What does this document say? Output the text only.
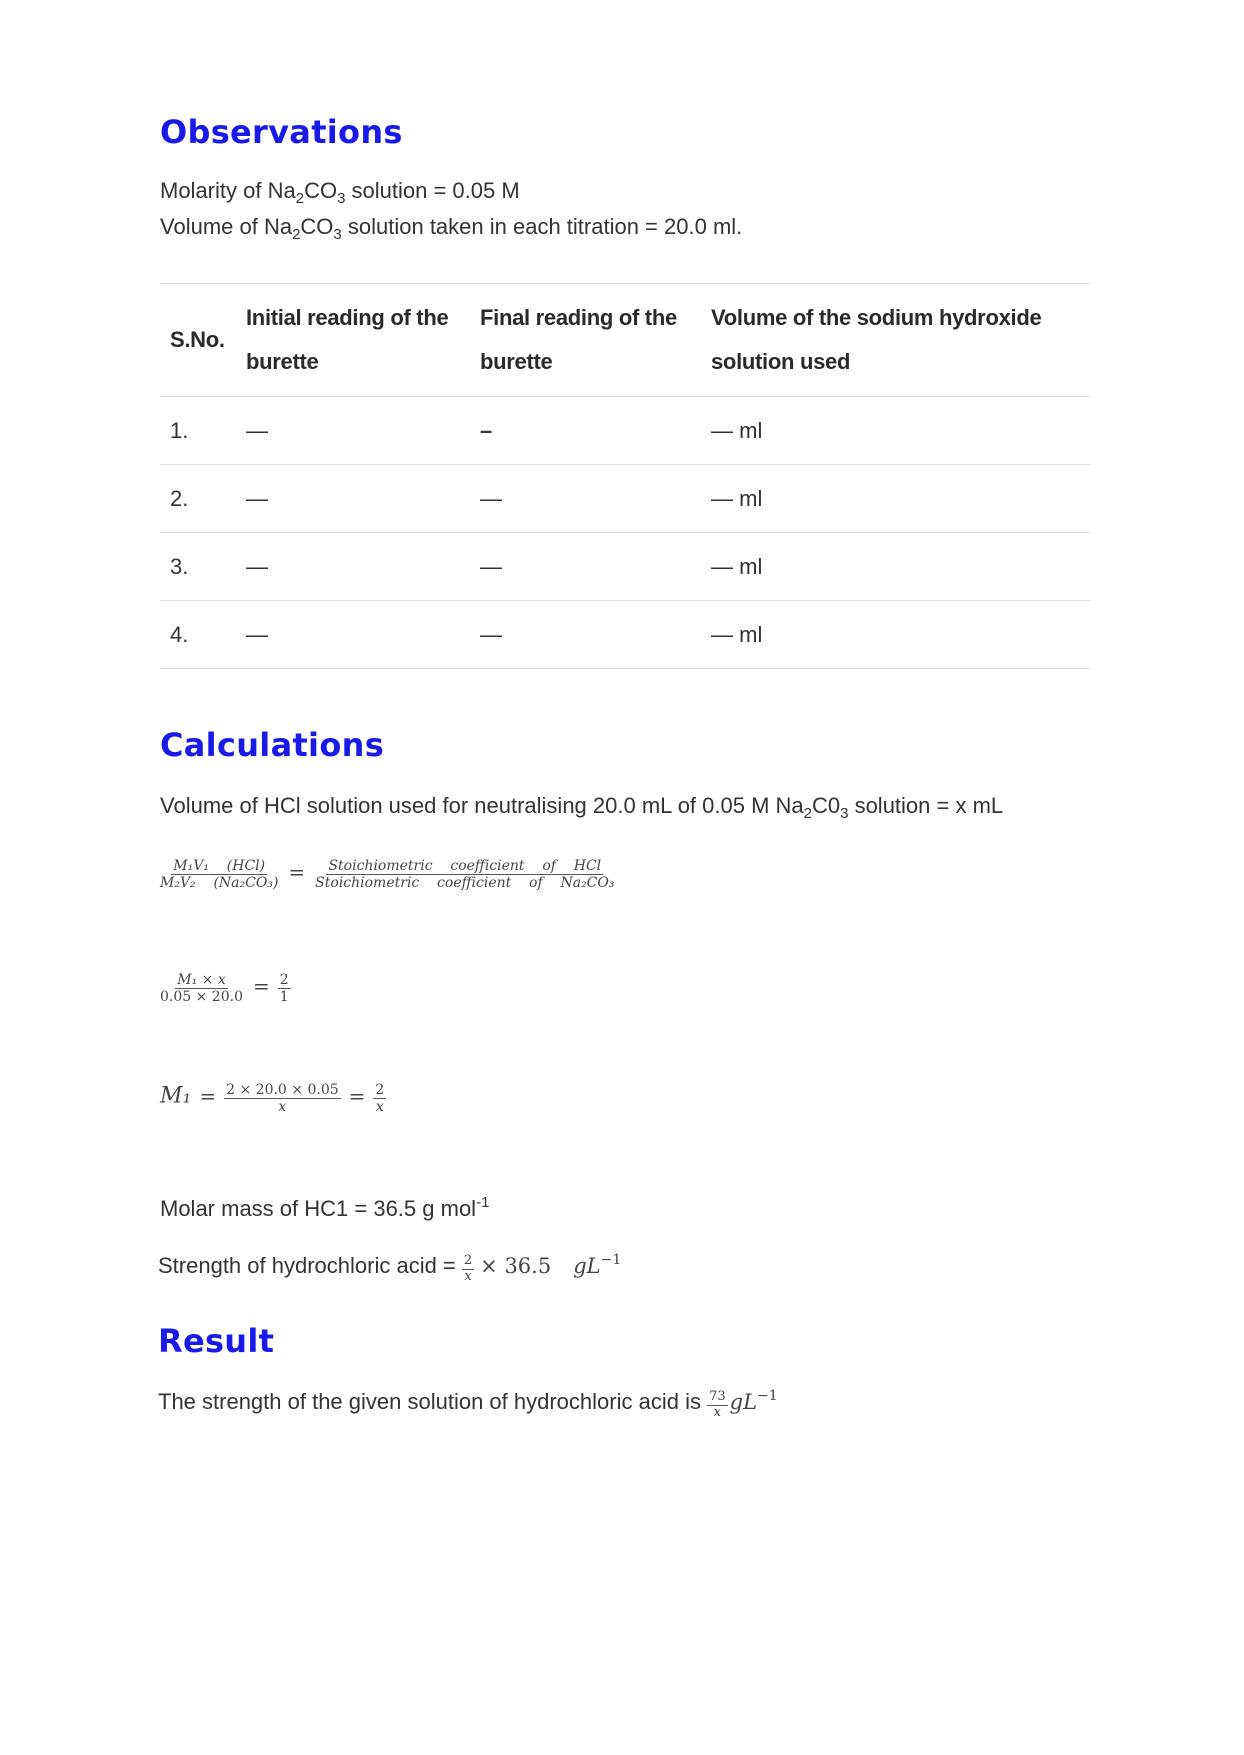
Observations
Molarity of $Na_2CO_3$ solution = 0.05 M
Volume of $Na_2CO_3$ solution taken in each titration = 20.0 ml.
S.No.	Initial reading of the burette	Final reading of the burette	Volume of the sodium hydroxide solution used
1.	—	–	— ml
2.	—	—	— ml
3.	—	—	— ml
4.	—	—	— ml
Calculations
Volume of HCl solution used for neutralising 20.0 mL of 0.05 M $Na_2C0_3$ solution = x mL
$\frac{\text{M₁V₁    (HCl)}}{\text{M₂V₂    (Na₂CO₃)}} = \frac{\text{Stoichiometric    coefficient    of    HCl}}{\text{Stoichiometric    coefficient    of    Na₂CO₃}}$
$\frac{\text{M₁ × x}}{0.05 \times 20.0} = \frac{2}{1}$
$M_1 = \frac{2 \times 20.0 \times 0.05}{x} = \frac{2}{x}$
Molar mass of HC1 = 36.5 g mol$^{-1}$
Strength of hydrochloric acid = $\frac{2}{x} \times 36.5$ $gL^{-1}$
Result
The strength of the given solution of hydrochloric acid is $\frac{73}{x} gL^{-1}$
